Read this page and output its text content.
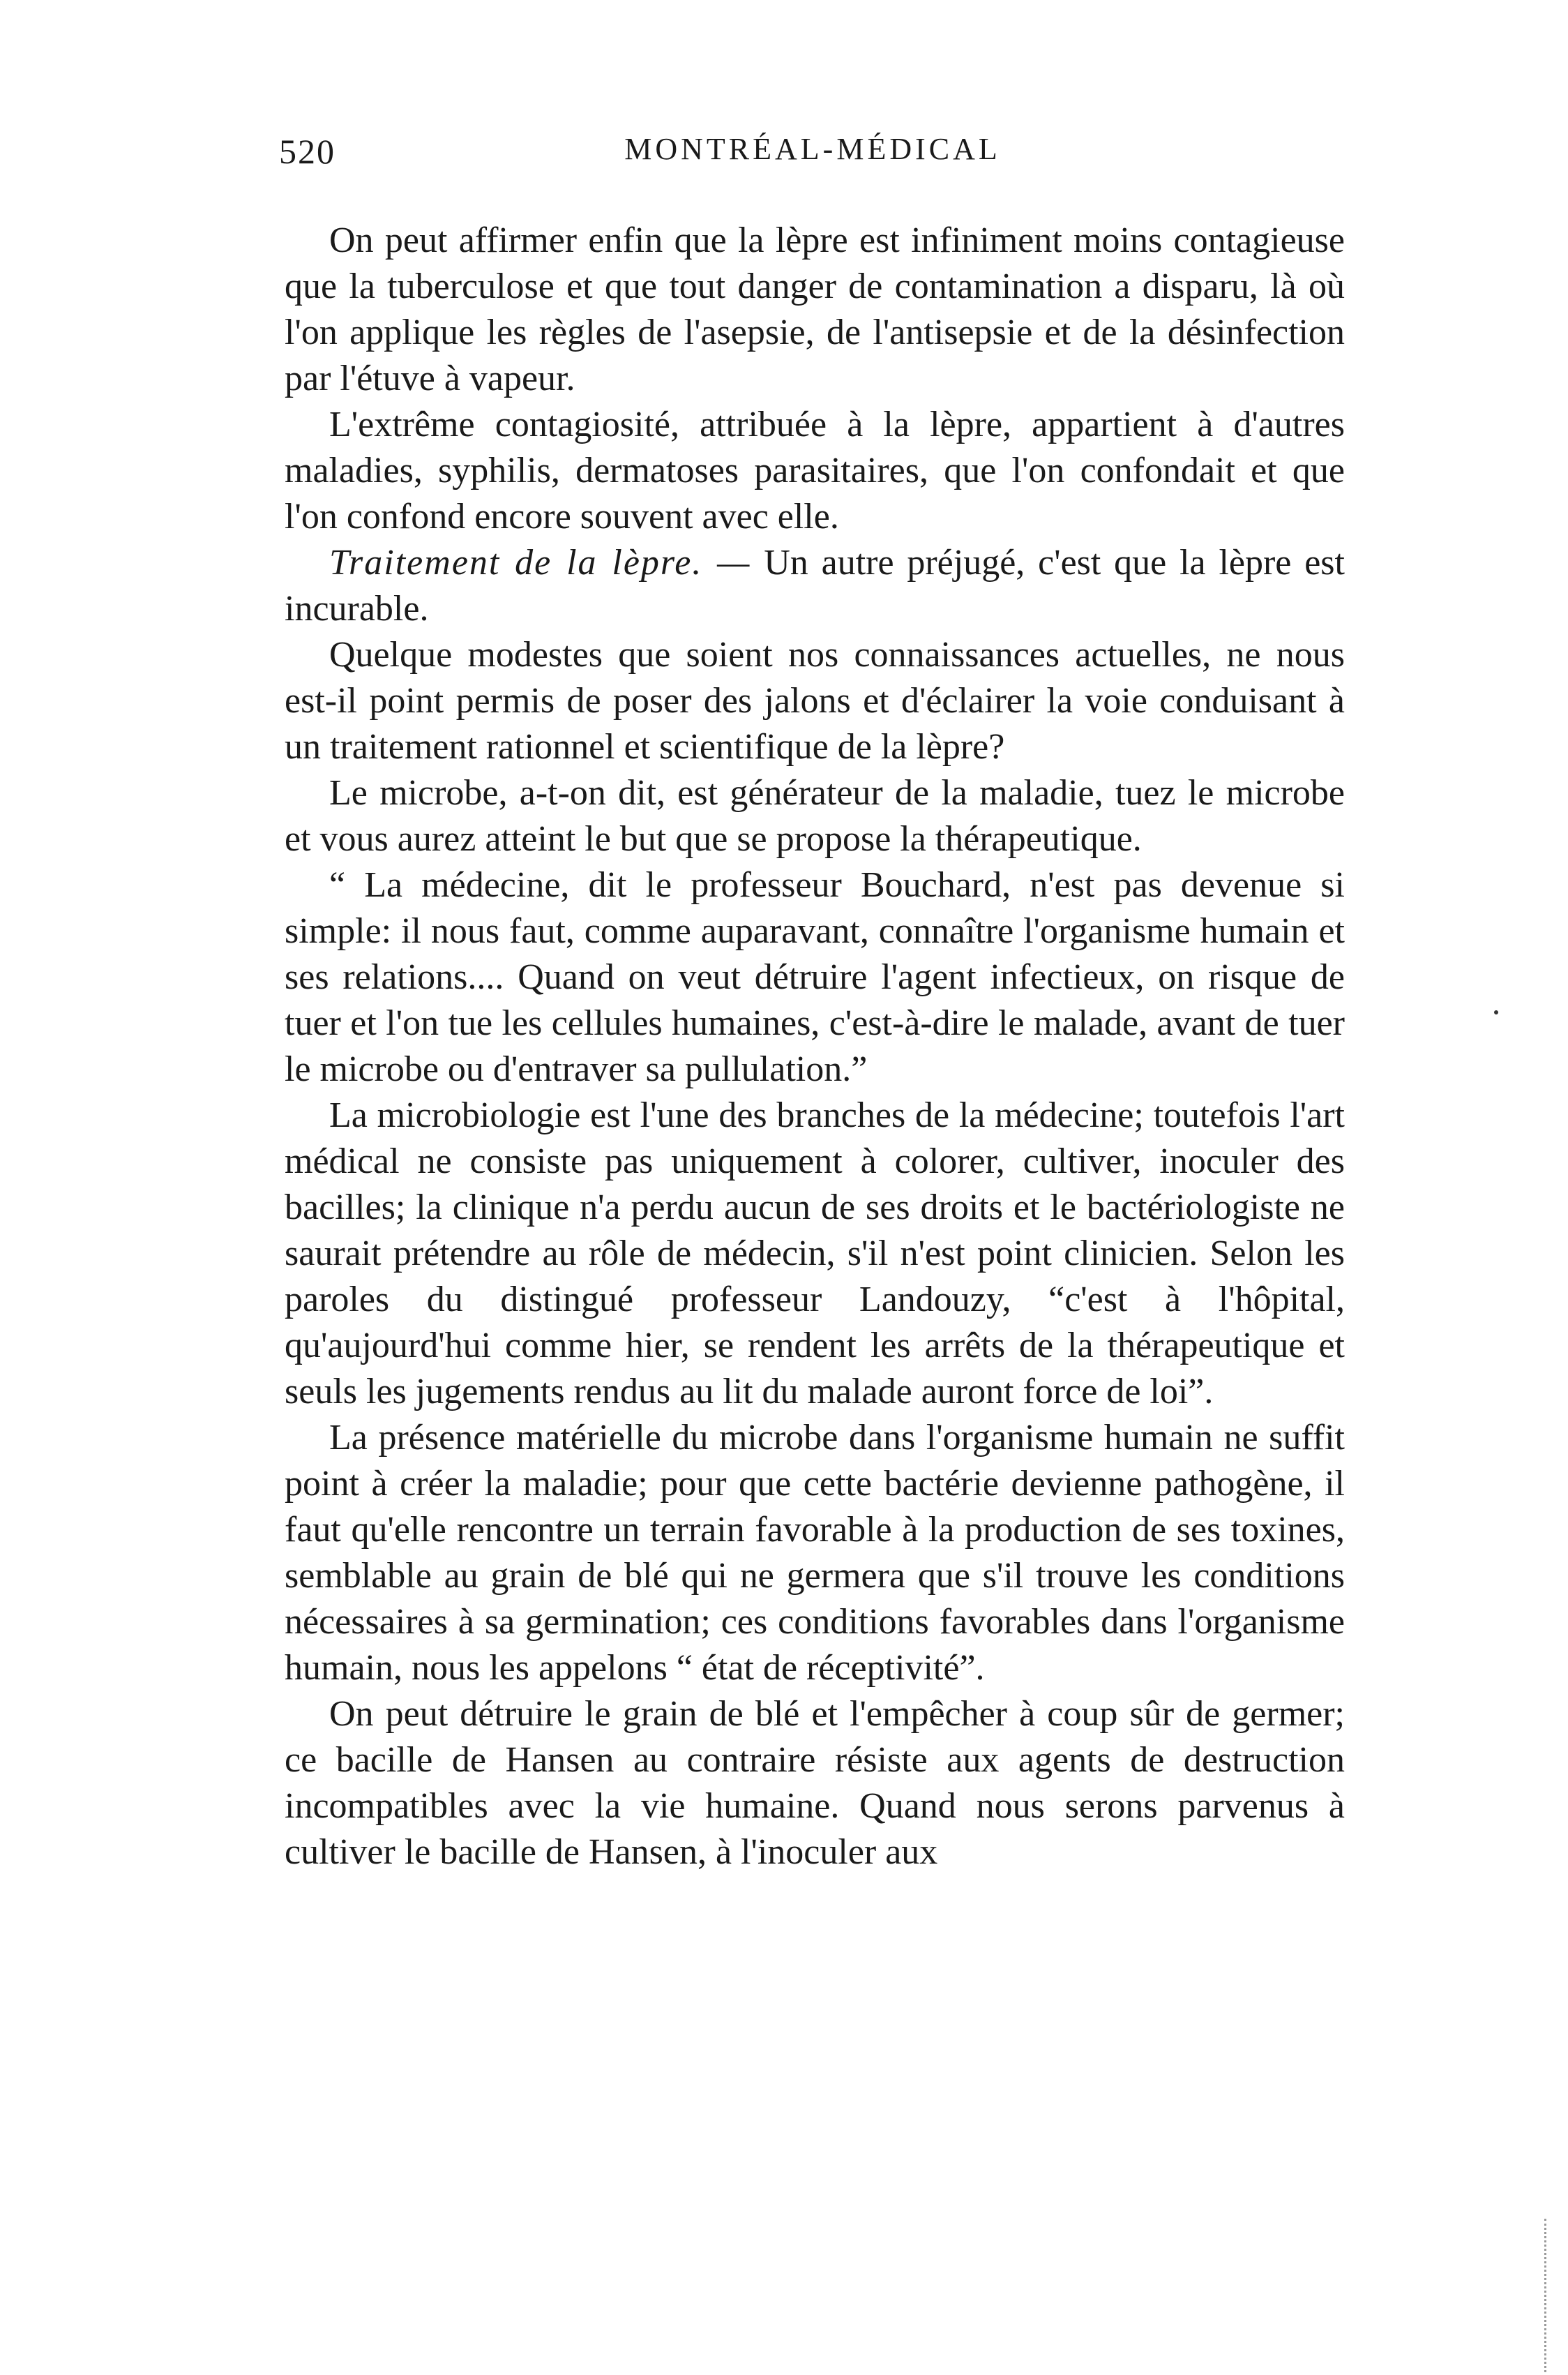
520	MONTRÉAL-MÉDICAL

On peut affirmer enfin que la lèpre est infiniment moins contagieuse que la tuberculose et que tout danger de contamination a disparu, là où l'on applique les règles de l'asepsie, de l'antisepsie et de la désinfection par l'étuve à vapeur.

L'extrême contagiosité, attribuée à la lèpre, appartient à d'autres maladies, syphilis, dermatoses parasitaires, que l'on confondait et que l'on confond encore souvent avec elle.

Traitement de la lèpre. — Un autre préjugé, c'est que la lèpre est incurable.

Quelque modestes que soient nos connaissances actuelles, ne nous est-il point permis de poser des jalons et d'éclairer la voie conduisant à un traitement rationnel et scientifique de la lèpre?

Le microbe, a-t-on dit, est générateur de la maladie, tuez le microbe et vous aurez atteint le but que se propose la thérapeutique.

“ La médecine, dit le professeur Bouchard, n'est pas devenue si simple: il nous faut, comme auparavant, connaître l'organisme humain et ses relations.... Quand on veut détruire l'agent infectieux, on risque de tuer et l'on tue les cellules humaines, c'est-à-dire le malade, avant de tuer le microbe ou d'entraver sa pullulation.”

La microbiologie est l'une des branches de la médecine; toutefois l'art médical ne consiste pas uniquement à colorer, cultiver, inoculer des bacilles; la clinique n'a perdu aucun de ses droits et le bactériologiste ne saurait prétendre au rôle de médecin, s'il n'est point clinicien. Selon les paroles du distingué professeur Landouzy, “c'est à l'hôpital, qu'aujourd'hui comme hier, se rendent les arrêts de la thérapeutique et seuls les jugements rendus au lit du malade auront force de loi”.

La présence matérielle du microbe dans l'organisme humain ne suffit point à créer la maladie; pour que cette bactérie devienne pathogène, il faut qu'elle rencontre un terrain favorable à la production de ses toxines, semblable au grain de blé qui ne germera que s'il trouve les conditions nécessaires à sa germination; ces conditions favorables dans l'organisme humain, nous les appelons “ état de réceptivité”.

On peut détruire le grain de blé et l'empêcher à coup sûr de germer; ce bacille de Hansen au contraire résiste aux agents de destruction incompatibles avec la vie humaine. Quand nous serons parvenus à cultiver le bacille de Hansen, à l'inoculer aux
